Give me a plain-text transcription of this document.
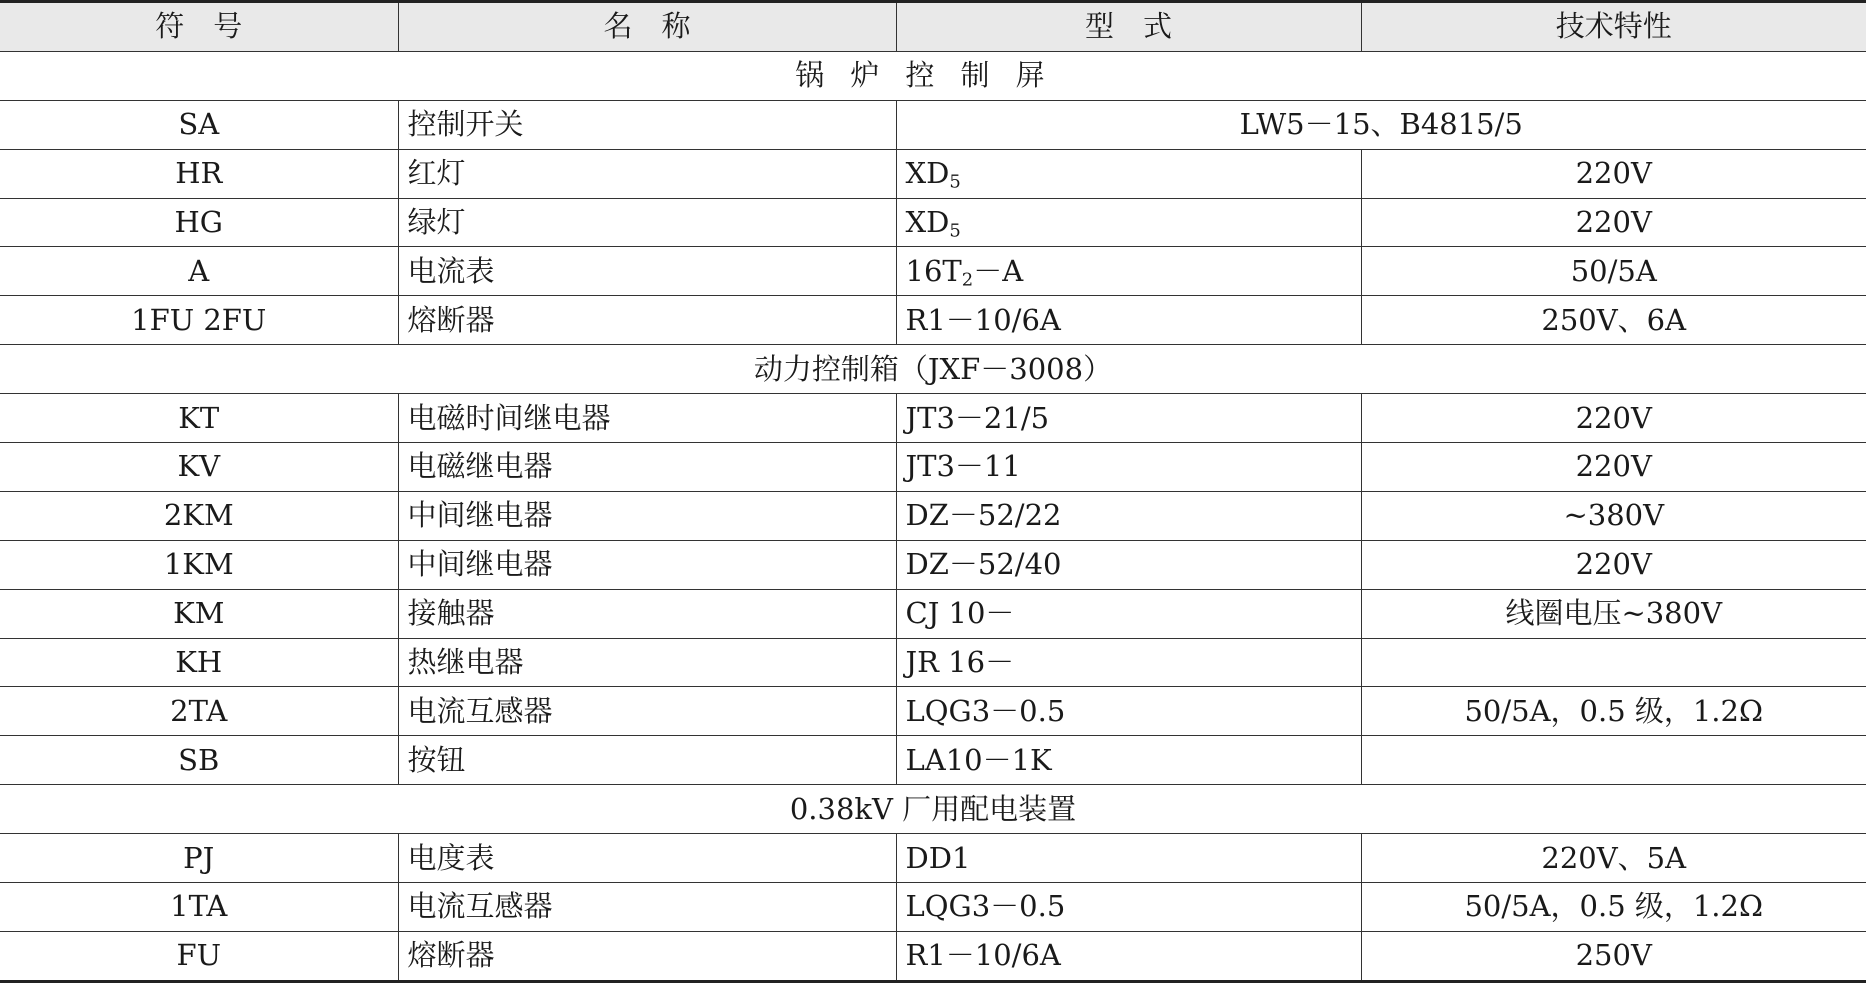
符　号	名　称	型　式	技术特性
锅炉控制屏			
SA	控制开关	LW5－15、B4815/5	
HR	红灯	$XD_5$	220V
HG	绿灯	$XD_5$	220V
A	电流表	$16T_2-A$	50/5A
1FU 2FU	熔断器	R1－10/6A	250V、6A
动力控制箱（JXF－3008）			
KT	电磁时间继电器	JT3－21/5	220V
KV	电磁继电器	JT3－11	220V
2KM	中间继电器	DZ－52/22	~380V
1KM	中间继电器	DZ－52/40	220V
KM	接触器	CJ 10－	线圈电压~380V
KH	热继电器	JR 16－	
2TA	电流互感器	LQG3－0.5	50/5A，0.5 级，1.2Ω
SB	按钮	LA10－1K	
0.38kV 厂用配电装置			
PJ	电度表	DD1	220V、5A
1TA	电流互感器	LQG3－0.5	50/5A，0.5 级，1.2Ω
FU	熔断器	R1－10/6A	250V
